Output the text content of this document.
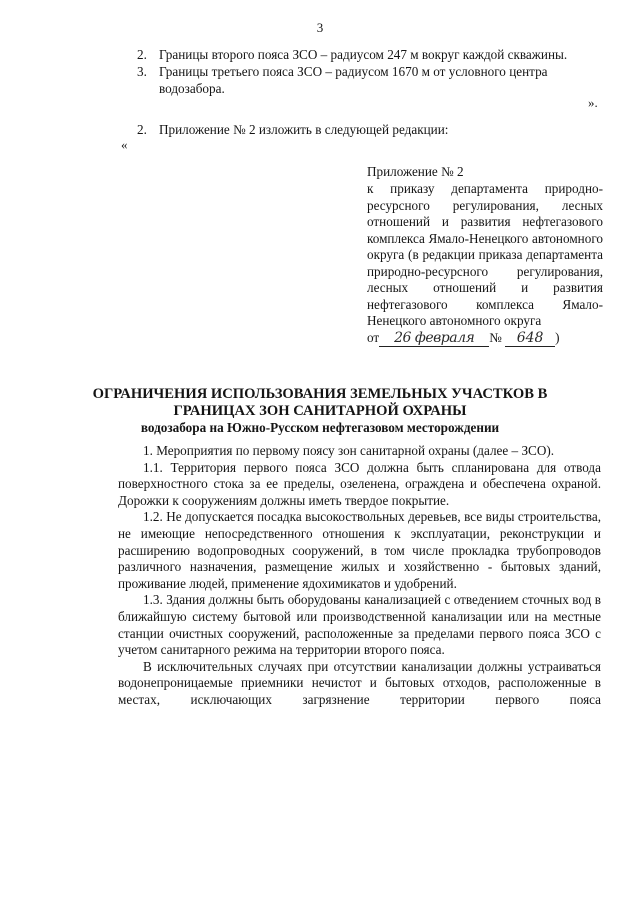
3
2. Границы второго пояса ЗСО – радиусом 247 м вокруг каждой скважины.
3. Границы третьего пояса ЗСО – радиусом 1670 м от условного центра
водозабора.
».
2. Приложение № 2 изложить в следующей редакции:
«
Приложение № 2
к приказу департамента природно-ресурсного регулирования, лесных отношений и развития нефтегазового комплекса Ямало-Ненецкого автономного округа (в редакции приказа департамента природно-ресурсного регулирования, лесных отношений и развития нефтегазового комплекса Ямало-Ненецкого автономного округа
от 26 февраля № 648 )
ОГРАНИЧЕНИЯ ИСПОЛЬЗОВАНИЯ ЗЕМЕЛЬНЫХ УЧАСТКОВ В
ГРАНИЦАХ ЗОН САНИТАРНОЙ ОХРАНЫ
водозабора на Южно-Русском нефтегазовом месторождении

1. Мероприятия по первому поясу зон санитарной охраны (далее – ЗСО).

1.1. Территория первого пояса ЗСО должна быть спланирована для отвода поверхностного стока за ее пределы, озеленена, ограждена и обеспечена охраной. Дорожки к сооружениям должны иметь твердое покрытие.

1.2. Не допускается посадка высокоствольных деревьев, все виды строительства, не имеющие непосредственного отношения к эксплуатации, реконструкции и расширению водопроводных сооружений, в том числе прокладка трубопроводов различного назначения, размещение жилых и хозяйственно - бытовых зданий, проживание людей, применение ядохимикатов и удобрений.

1.3. Здания должны быть оборудованы канализацией с отведением сточных вод в ближайшую систему бытовой или производственной канализации или на местные станции очистных сооружений, расположенные за пределами первого пояса ЗСО с учетом санитарного режима на территории второго пояса.

В исключительных случаях при отсутствии канализации должны устраиваться водонепроницаемые приемники нечистот и бытовых отходов, расположенные в местах, исключающих загрязнение территории первого пояса
